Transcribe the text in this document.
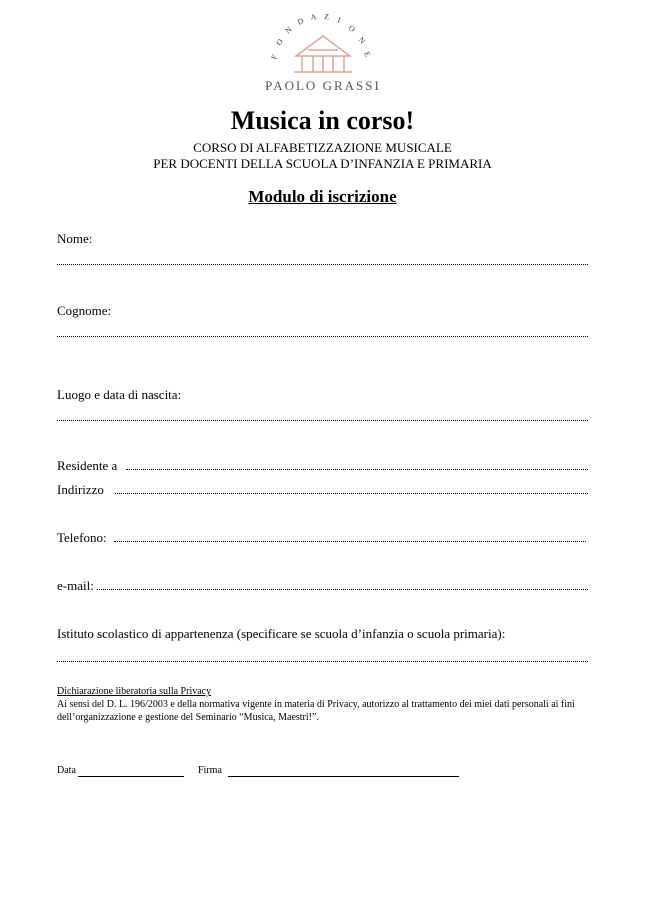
F
O
N
D A Z I
O
N
E
PAOLO GRASSI
Musica in corso!
CORSO DI ALFABETIZZAZIONE MUSICALE
PER DOCENTI DELLA SCUOLA D’INFANZIA E PRIMARIA
Modulo di iscrizione
Nome:
Cognome:
Luogo e data di nascita:
Residente a
Indirizzo
Telefono:
e-mail:
Istituto scolastico di appartenenza (specificare se scuola d’infanzia o scuola primaria):
Dichiarazione liberatoria sulla Privacy
Ai sensi del D. L. 196/2003 e della normativa vigente in materia di Privacy, autorizzo al trattamento dei miei dati personali ai fini dell’organizzazione e gestione del Seminario “Musica, Maestri!”.
Data	Firma
